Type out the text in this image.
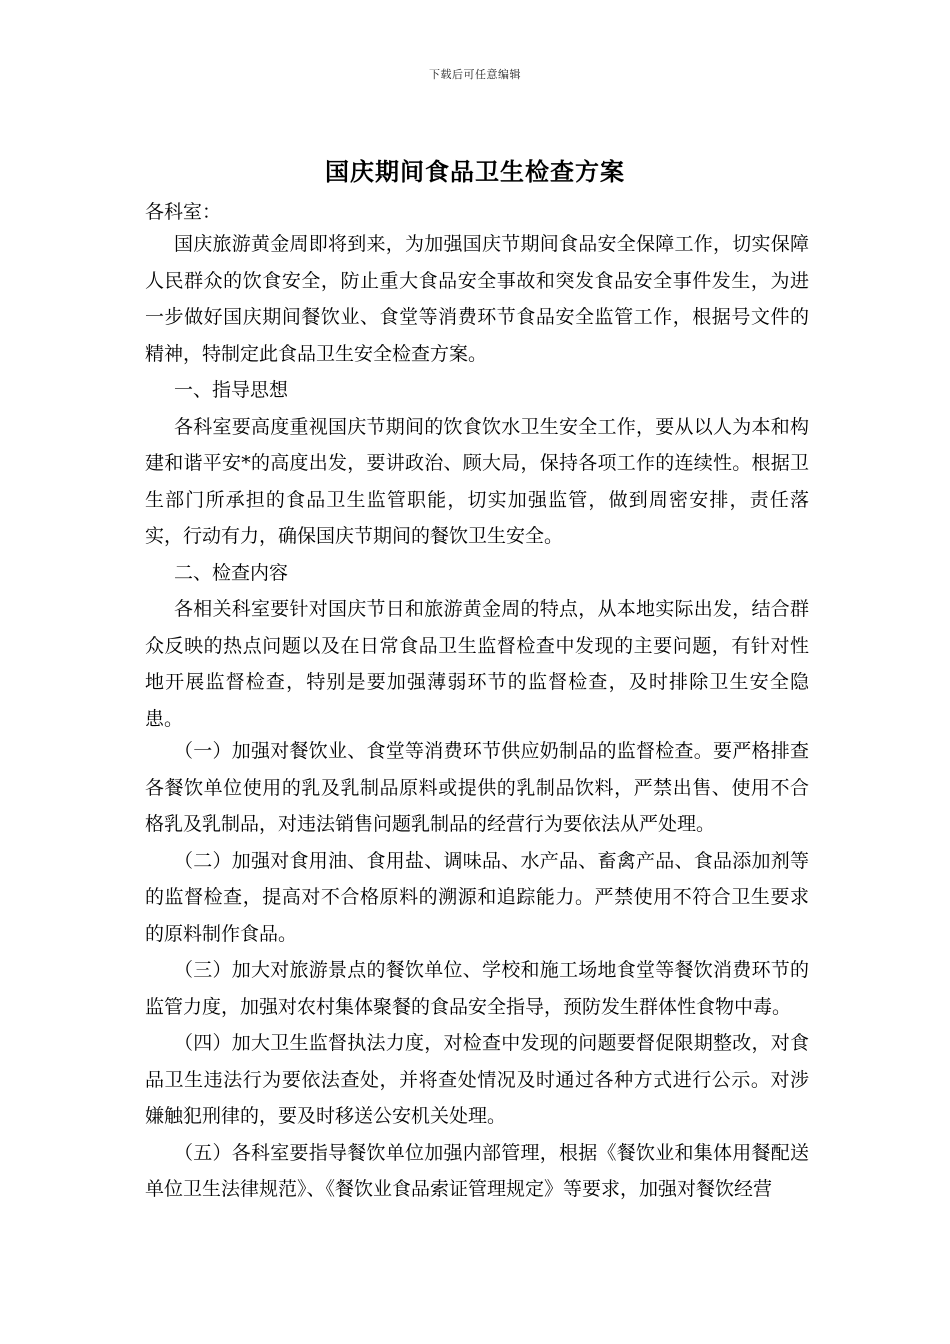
下载后可任意编辑
国庆期间食品卫生检查方案
各科室：

国庆旅游黄金周即将到来，为加强国庆节期间食品安全保障工作，切实保障人民群众的饮食安全，防止重大食品安全事故和突发食品安全事件发生，为进一步做好国庆期间餐饮业、食堂等消费环节食品安全监管工作，根据号文件的精神，特制定此食品卫生安全检查方案。

一、指导思想

各科室要高度重视国庆节期间的饮食饮水卫生安全工作，要从以人为本和构建和谐平安*的高度出发，要讲政治、顾大局，保持各项工作的连续性。根据卫生部门所承担的食品卫生监管职能，切实加强监管，做到周密安排，责任落实，行动有力，确保国庆节期间的餐饮卫生安全。

二、检查内容

各相关科室要针对国庆节日和旅游黄金周的特点，从本地实际出发，结合群众反映的热点问题以及在日常食品卫生监督检查中发现的主要问题，有针对性地开展监督检查，特别是要加强薄弱环节的监督检查，及时排除卫生安全隐患。

（一）加强对餐饮业、食堂等消费环节供应奶制品的监督检查。要严格排查各餐饮单位使用的乳及乳制品原料或提供的乳制品饮料，严禁出售、使用不合格乳及乳制品，对违法销售问题乳制品的经营行为要依法从严处理。

（二）加强对食用油、食用盐、调味品、水产品、畜禽产品、食品添加剂等的监督检查，提高对不合格原料的溯源和追踪能力。严禁使用不符合卫生要求的原料制作食品。

（三）加大对旅游景点的餐饮单位、学校和施工场地食堂等餐饮消费环节的监管力度，加强对农村集体聚餐的食品安全指导，预防发生群体性食物中毒。

（四）加大卫生监督执法力度，对检查中发现的问题要督促限期整改，对食品卫生违法行为要依法查处，并将查处情况及时通过各种方式进行公示。对涉嫌触犯刑律的，要及时移送公安机关处理。

（五）各科室要指导餐饮单位加强内部管理，根据《餐饮业和集体用餐配送单位卫生法律规范》、《餐饮业食品索证管理规定》等要求，加强对餐饮经营
